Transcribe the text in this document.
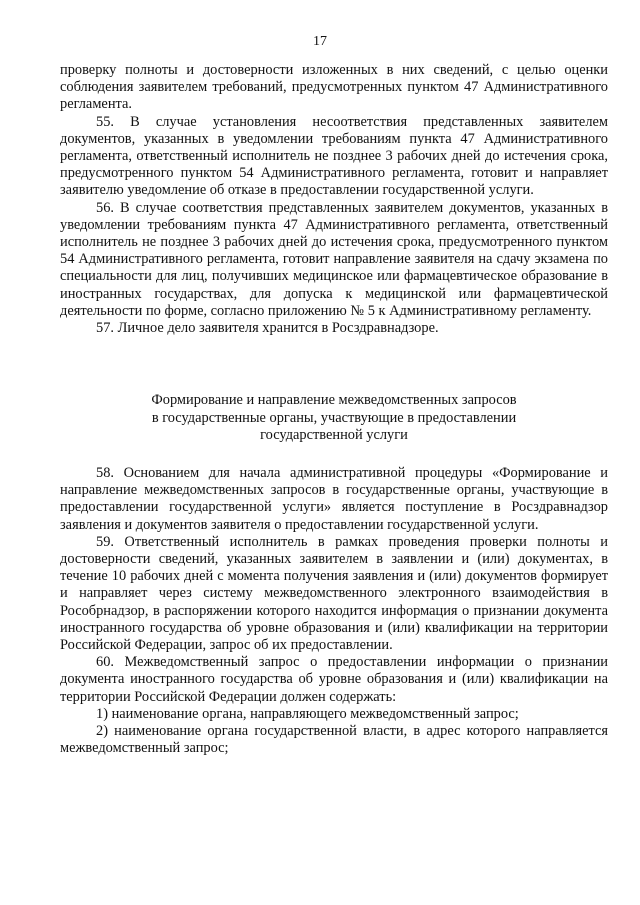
17

проверку полноты и достоверности изложенных в них сведений, с целью оценки соблюдения заявителем требований, предусмотренных пунктом 47 Административного регламента.

55. В случае установления несоответствия представленных заявителем документов, указанных в уведомлении требованиям пункта 47 Административного регламента, ответственный исполнитель не позднее 3 рабочих дней до истечения срока, предусмотренного пунктом 54 Административного регламента, готовит и направляет заявителю уведомление об отказе в предоставлении государственной услуги.

56. В случае соответствия представленных заявителем документов, указанных в уведомлении требованиям пункта 47 Административного регламента, ответственный исполнитель не позднее 3 рабочих дней до истечения срока, предусмотренного пунктом 54 Административного регламента, готовит направление заявителя на сдачу экзамена по специальности для лиц, получивших медицинское или фармацевтическое образование в иностранных государствах, для допуска к медицинской или фармацевтической деятельности по форме, согласно приложению № 5 к Административному регламенту.

57. Личное дело заявителя хранится в Росздравнадзоре.

Формирование и направление межведомственных запросов
в государственные органы, участвующие в предоставлении
государственной услуги

58. Основанием для начала административной процедуры «Формирование и направление межведомственных запросов в государственные органы, участвующие в предоставлении государственной услуги» является поступление в Росздравнадзор заявления и документов заявителя о предоставлении государственной услуги.

59. Ответственный исполнитель в рамках проведения проверки полноты и достоверности сведений, указанных заявителем в заявлении и (или) документах, в течение 10 рабочих дней с момента получения заявления и (или) документов формирует и направляет через систему межведомственного электронного взаимодействия в Рособрнадзор, в распоряжении которого находится информация о признании документа иностранного государства об уровне образования и (или) квалификации на территории Российской Федерации, запрос об их предоставлении.

60. Межведомственный запрос о предоставлении информации о признании документа иностранного государства об уровне образования и (или) квалификации на территории Российской Федерации должен содержать:

1) наименование органа, направляющего межведомственный запрос;

2) наименование органа государственной власти, в адрес которого направляется межведомственный запрос;
